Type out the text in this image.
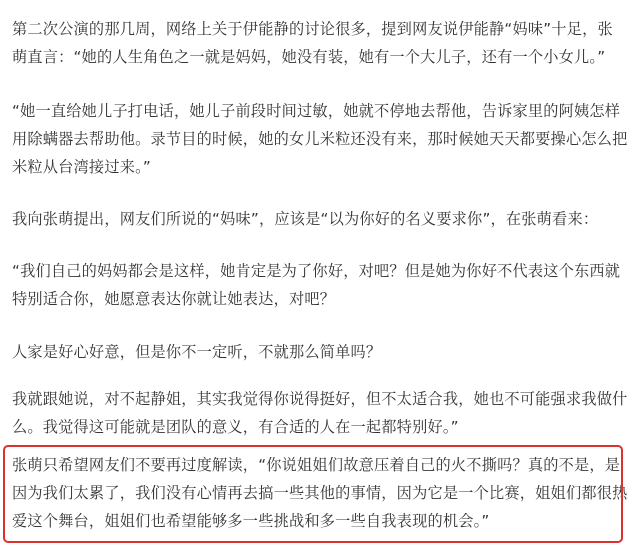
第二次公演的那几周，网络上关于伊能静的讨论很多，提到网友说伊能静“妈味”十足，张萌直言：“她的人生角色之一就是妈妈，她没有装，她有一个大儿子，还有一个小女儿。”

“她一直给她儿子打电话，她儿子前段时间过敏，她就不停地去帮他，告诉家里的阿姨怎样用除螨器去帮助他。录节目的时候，她的女儿米粒还没有来，那时候她天天都要操心怎么把米粒从台湾接过来。”

我向张萌提出，网友们所说的“妈味”，应该是“以为你好的名义要求你”，在张萌看来：

“我们自己的妈妈都会是这样，她肯定是为了你好，对吧？但是她为你好不代表这个东西就特别适合你，她愿意表达你就让她表达，对吧？

人家是好心好意，但是你不一定听，不就那么简单吗？

我就跟她说，对不起静姐，其实我觉得你说得挺好，但不太适合我，她也不可能强求我做什么。我觉得这可能就是团队的意义，有合适的人在一起都特别好。”

张萌只希望网友们不要再过度解读，“你说姐姐们故意压着自己的火不撕吗？真的不是，是因为我们太累了，我们没有心情再去搞一些其他的事情，因为它是一个比赛，姐姐们都很热爱这个舞台，姐姐们也希望能够多一些挑战和多一些自我表现的机会。”
